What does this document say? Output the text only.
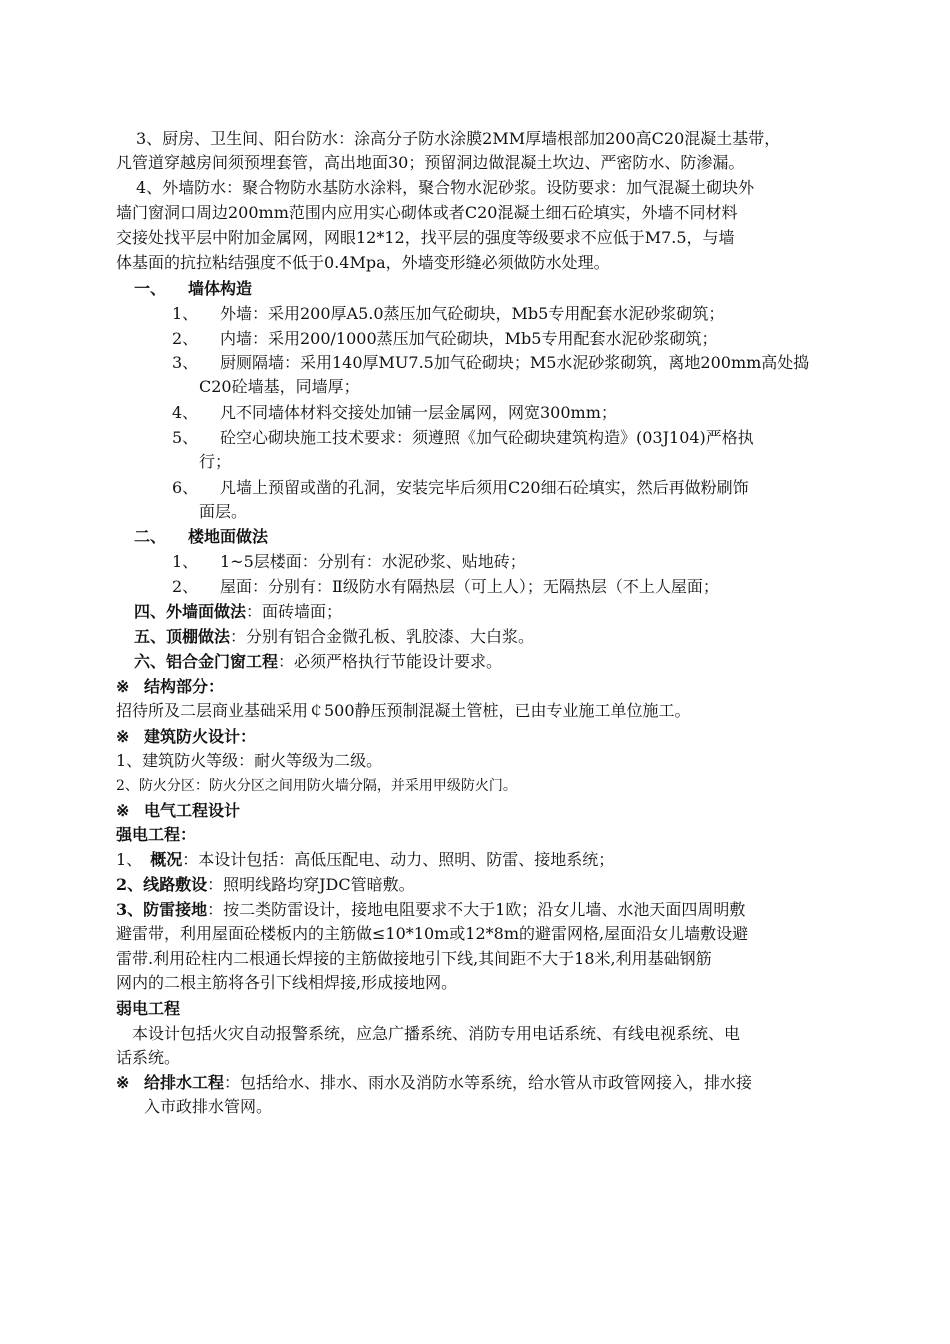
3、厨房、卫生间、阳台防水：涂高分子防水涂膜2MM厚墙根部加200高C20混凝土基带，
凡管道穿越房间须预埋套管，高出地面30；预留洞边做混凝土坎边、严密防水、防渗漏。
4、外墙防水：聚合物防水基防水涂料，聚合物水泥砂浆。设防要求：加气混凝土砌块外
墙门窗洞口周边200mm范围内应用实心砌体或者C20混凝土细石砼填实，外墙不同材料
交接处找平层中附加金属网，网眼12*12，找平层的强度等级要求不应低于M7.5，与墙
体基面的抗拉粘结强度不低于0.4Mpa，外墙变形缝必须做防水处理。
一、 墙体构造
1、 外墙：采用200厚A5.0蒸压加气砼砌块，Mb5专用配套水泥砂浆砌筑；
2、 内墙：采用200/1000蒸压加气砼砌块，Mb5专用配套水泥砂浆砌筑；
3、 厨厕隔墙：采用140厚MU7.5加气砼砌块；M5水泥砂浆砌筑，离地200mm高处捣
C20砼墙基，同墙厚；
4、 凡不同墙体材料交接处加铺一层金属网，网宽300mm；
5、 砼空心砌块施工技术要求：须遵照《加气砼砌块建筑构造》(03J104)严格执
行；
6、 凡墙上预留或凿的孔洞，安装完毕后须用C20细石砼填实，然后再做粉刷饰
面层。
二、 楼地面做法
1、 1~5层楼面：分别有：水泥砂浆、贴地砖；
2、 屋面：分别有：Ⅱ级防水有隔热层（可上人）；无隔热层（不上人屋面；
四、外墙面做法：面砖墙面；
五、顶棚做法：分别有铝合金微孔板、乳胶漆、大白浆。
六、铝合金门窗工程：必须严格执行节能设计要求。
※ 结构部分：
招待所及二层商业基础采用￠500静压预制混凝土管桩，已由专业施工单位施工。
※ 建筑防火设计：
1、建筑防火等级：耐火等级为二级。
2、防火分区：防火分区之间用防火墙分隔，并采用甲级防火门。
※ 电气工程设计
强电工程：
1、 概况：本设计包括：高低压配电、动力、照明、防雷、接地系统；
2、线路敷设：照明线路均穿JDC管暗敷。
3、防雷接地：按二类防雷设计，接地电阻要求不大于1欧；沿女儿墙、水池天面四周明敷
避雷带，利用屋面砼楼板内的主筋做≤10*10m或12*8m的避雷网格,屋面沿女儿墙敷设避
雷带.利用砼柱内二根通长焊接的主筋做接地引下线,其间距不大于18米,利用基础钢筋
网内的二根主筋将各引下线相焊接,形成接地网。
弱电工程
本设计包括火灾自动报警系统，应急广播系统、消防专用电话系统、有线电视系统、电
话系统。
※ 给排水工程：包括给水、排水、雨水及消防水等系统，给水管从市政管网接入，排水接
入市政排水管网。
